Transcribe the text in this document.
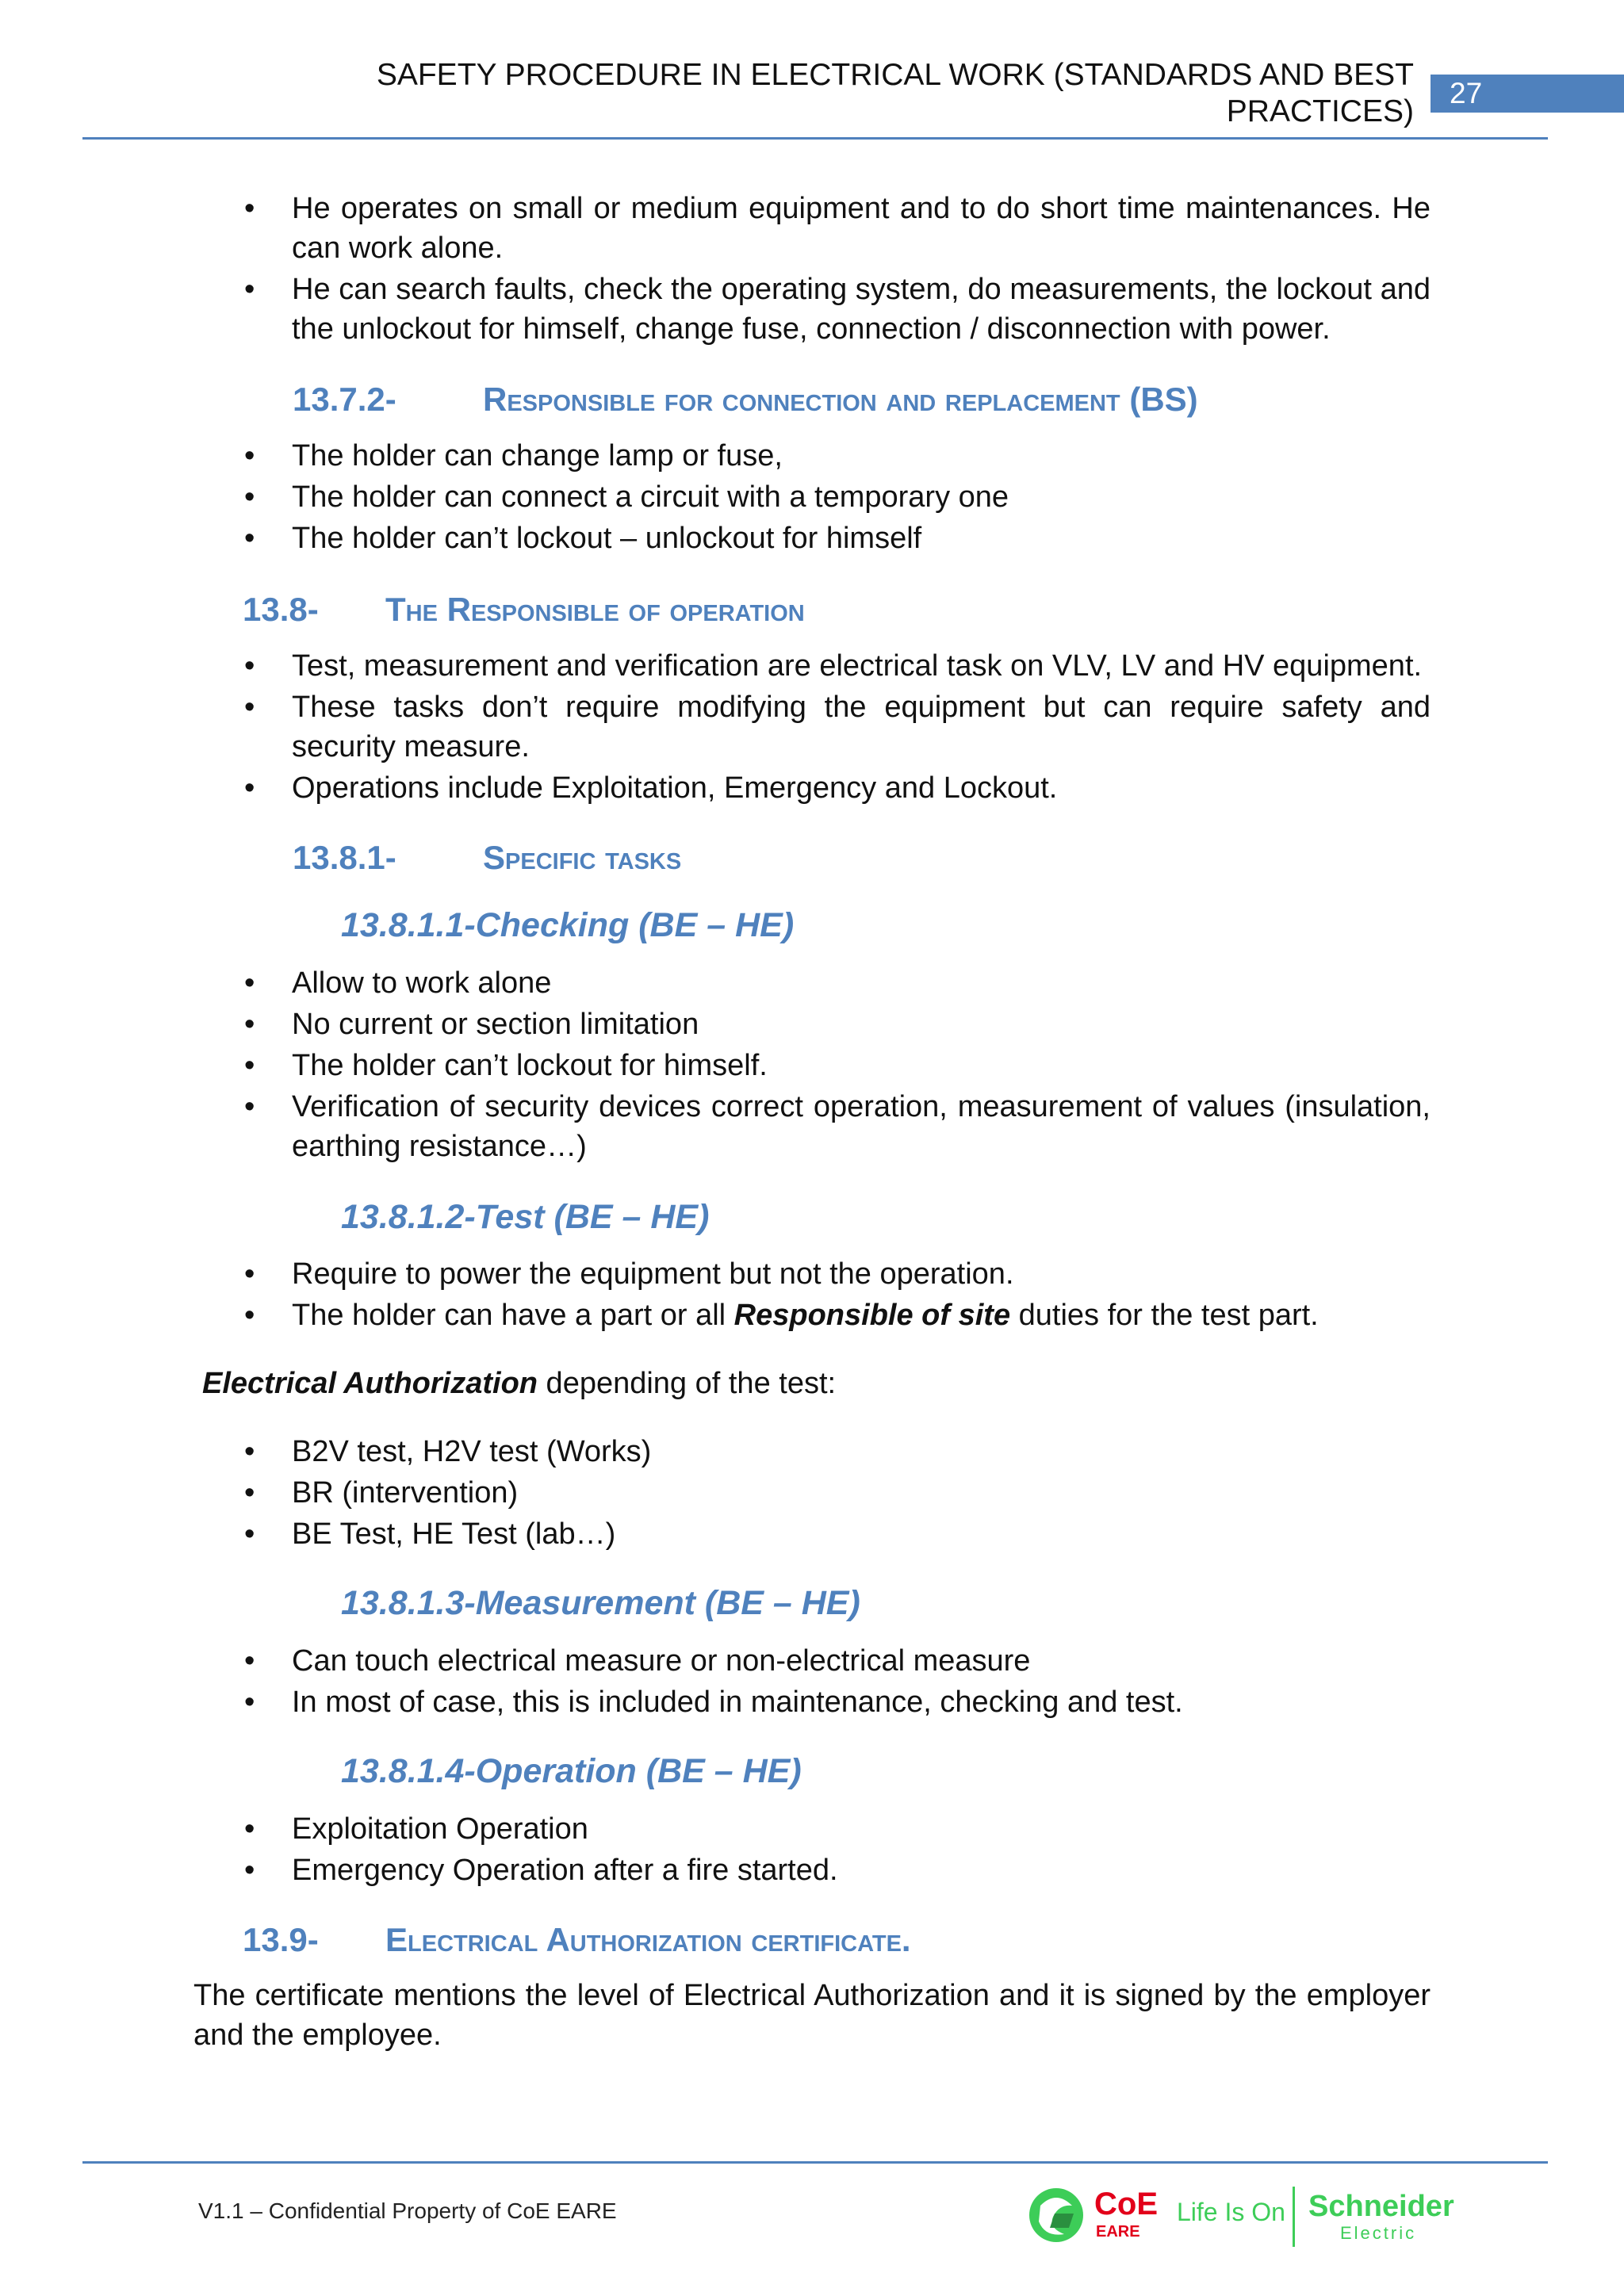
SAFETY PROCEDURE IN ELECTRICAL WORK (STANDARDS AND BEST
PRACTICES)
27
• He operates on small or medium equipment and to do short time maintenances. He can work alone.
• He can search faults, check the operating system, do measurements, the lockout and the unlockout for himself, change fuse, connection / disconnection with power.
13.7.2-	Responsible for connection and replacement (BS)
• The holder can change lamp or fuse,
• The holder can connect a circuit with a temporary one
• The holder can’t lockout – unlockout for himself
13.8- The Responsible of operation
• Test, measurement and verification are electrical task on VLV, LV and HV equipment.
• These tasks don’t require modifying the equipment but can require safety and security measure.
• Operations include Exploitation, Emergency and Lockout.
13.8.1-	Specific tasks
13.8.1.1-Checking (BE – HE)
• Allow to work alone
• No current or section limitation
• The holder can’t lockout for himself.
• Verification of security devices correct operation, measurement of values (insulation, earthing resistance…)
13.8.1.2-Test (BE – HE)
• Require to power the equipment but not the operation.
• The holder can have a part or all Responsible of site duties for the test part.
Electrical Authorization depending of the test:
• B2V test, H2V test (Works)
• BR (intervention)
• BE Test, HE Test (lab…)
13.8.1.3-Measurement (BE – HE)
• Can touch electrical measure or non-electrical measure
• In most of case, this is included in maintenance, checking and test.
13.8.1.4-Operation (BE – HE)
• Exploitation Operation
• Emergency Operation after a fire started.
13.9- Electrical Authorization certificate.
The certificate mentions the level of Electrical Authorization and it is signed by the employer and the employee.
V1.1 – Confidential Property of CoE EARE	CoE
EARE
Life Is On Schneider
Electric
